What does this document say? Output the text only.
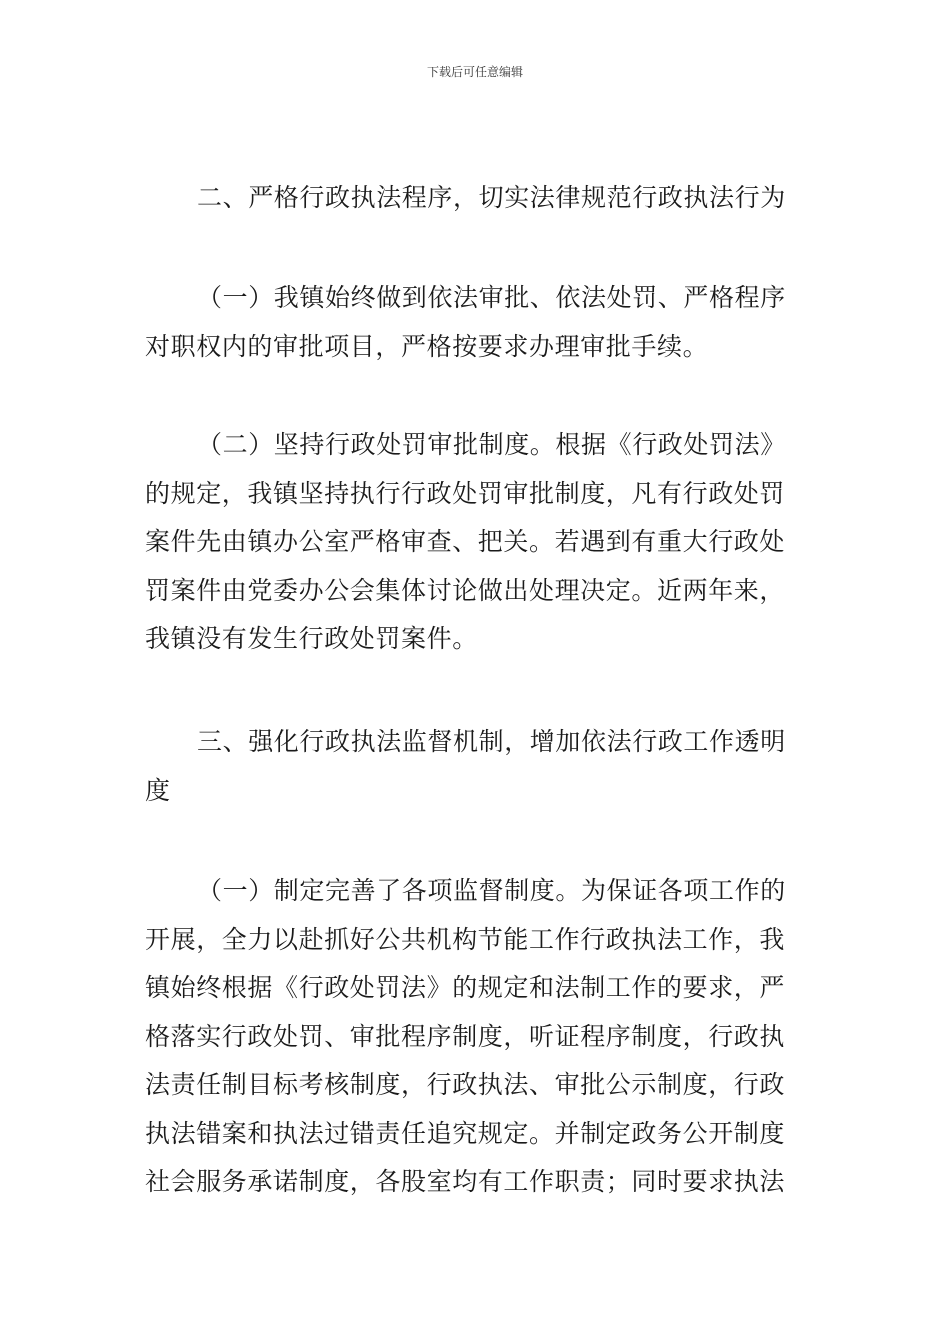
下载后可任意编辑
二、严格行政执法程序，切实法律规范行政执法行为
（一）我镇始终做到依法审批、依法处罚、严格程序
对职权内的审批项目，严格按要求办理审批手续。
（二）坚持行政处罚审批制度。根据《行政处罚法》
的规定，我镇坚持执行行政处罚审批制度，凡有行政处罚
案件先由镇办公室严格审查、把关。若遇到有重大行政处
罚案件由党委办公会集体讨论做出处理决定。近两年来，
我镇没有发生行政处罚案件。
三、强化行政执法监督机制，增加依法行政工作透明
度
（一）制定完善了各项监督制度。为保证各项工作的
开展，全力以赴抓好公共机构节能工作行政执法工作，我
镇始终根据《行政处罚法》的规定和法制工作的要求，严
格落实行政处罚、审批程序制度，听证程序制度，行政执
法责任制目标考核制度，行政执法、审批公示制度，行政
执法错案和执法过错责任追究规定。并制定政务公开制度
社会服务承诺制度，各股室均有工作职责；同时要求执法
